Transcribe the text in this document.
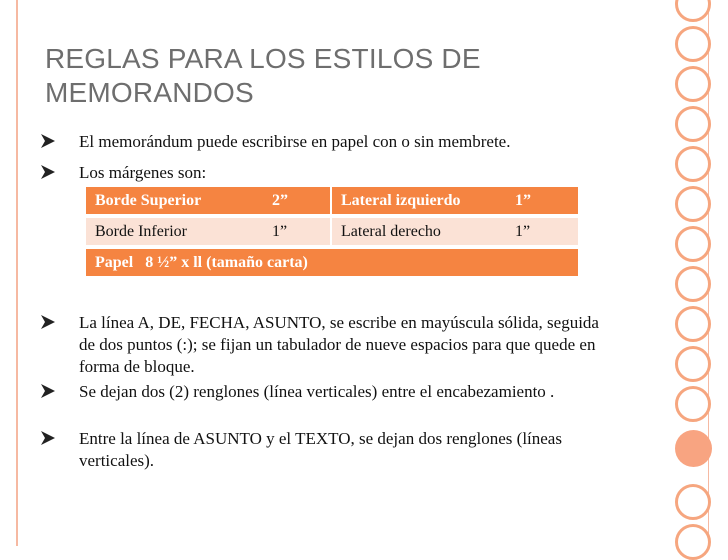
REGLAS PARA LOS ESTILOS DE MEMORANDOS
El memorándum puede escribirse en papel con o sin membrete.
Los márgenes son:
La línea A, DE, FECHA, ASUNTO, se escribe en mayúscula sólida, seguida de dos puntos (:); se fijan un tabulador de nueve espacios para que quede en forma de bloque.
Se dejan dos (2) renglones (línea verticales) entre el encabezamiento .
Entre la línea de ASUNTO y el TEXTO, se dejan dos renglones (líneas verticales).
Borde Superior	2”	Lateral izquierdo	1”
Borde Inferior	1”	Lateral derecho	1”
Papel   8 ½” x ll (tamaño carta)
